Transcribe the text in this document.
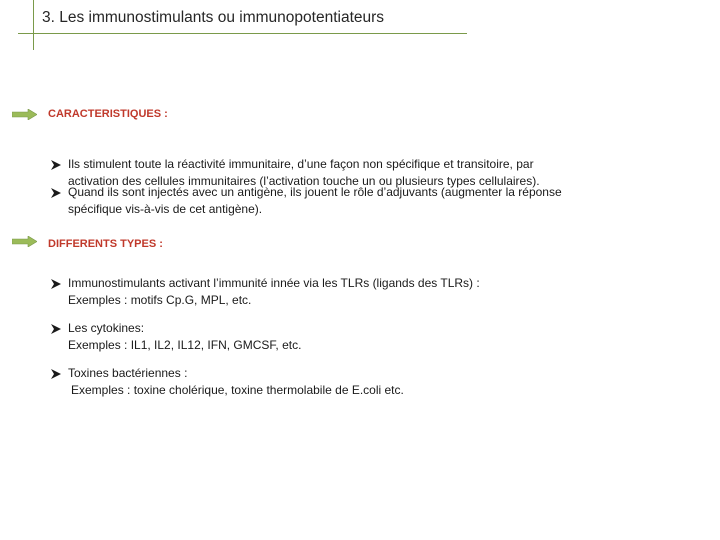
3. Les immunostimulants ou immunopotentiateurs
CARACTERISTIQUES :
Ils stimulent toute la réactivité immunitaire, d’une façon non spécifique et transitoire, par
activation des cellules immunitaires (l’activation touche un ou plusieurs types cellulaires).
Quand ils sont injectés avec un antigène, ils jouent le rôle d’adjuvants (augmenter la réponse
spécifique vis-à-vis de cet antigène).
DIFFERENTS TYPES :
Immunostimulants activant l’immunité innée via les TLRs (ligands des TLRs) :
Exemples : motifs Cp.G, MPL, etc.
Les cytokines:
Exemples : IL1, IL2, IL12, IFN, GMCSF, etc.
Toxines bactériennes :
Exemples : toxine cholérique, toxine thermolabile de E.coli etc.
